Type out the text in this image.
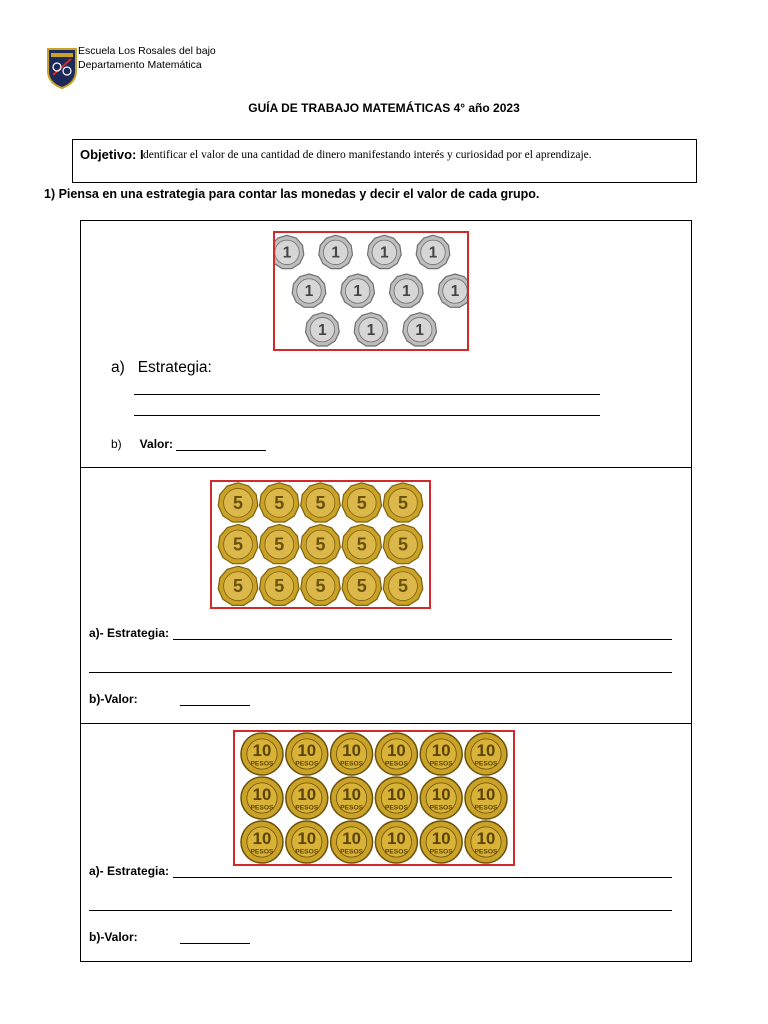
Escuela Los Rosales del bajo
Departamento Matemática
GUÍA DE TRABAJO MATEMÁTICAS 4° año 2023
Objetivo: I dentificar el valor de una cantidad de dinero manifestando interés y curiosidad por el aprendizaje.
1) Piensa en una estrategia para contar las monedas y decir el valor de cada grupo.
1	1	1	1
1	1	1	1
1	1	1
a) Estrategia:
b) Valor:
5 5 5 5 5
5 5 5 5 5
5 5 5 5 5
a)- Estrategia:
b)-Valor:
10
PESOS
10
PESOS
10
PESOS
10
PESOS
10
PESOS
10
PESOS
10
PESOS
10
PESOS
10
PESOS
10
PESOS
10
PESOS
10
PESOS
10
PESOS
10
PESOS
10
PESOS
10
PESOS
10
PESOS
10
PESOS
a)- Estrategia:
b)-Valor:
